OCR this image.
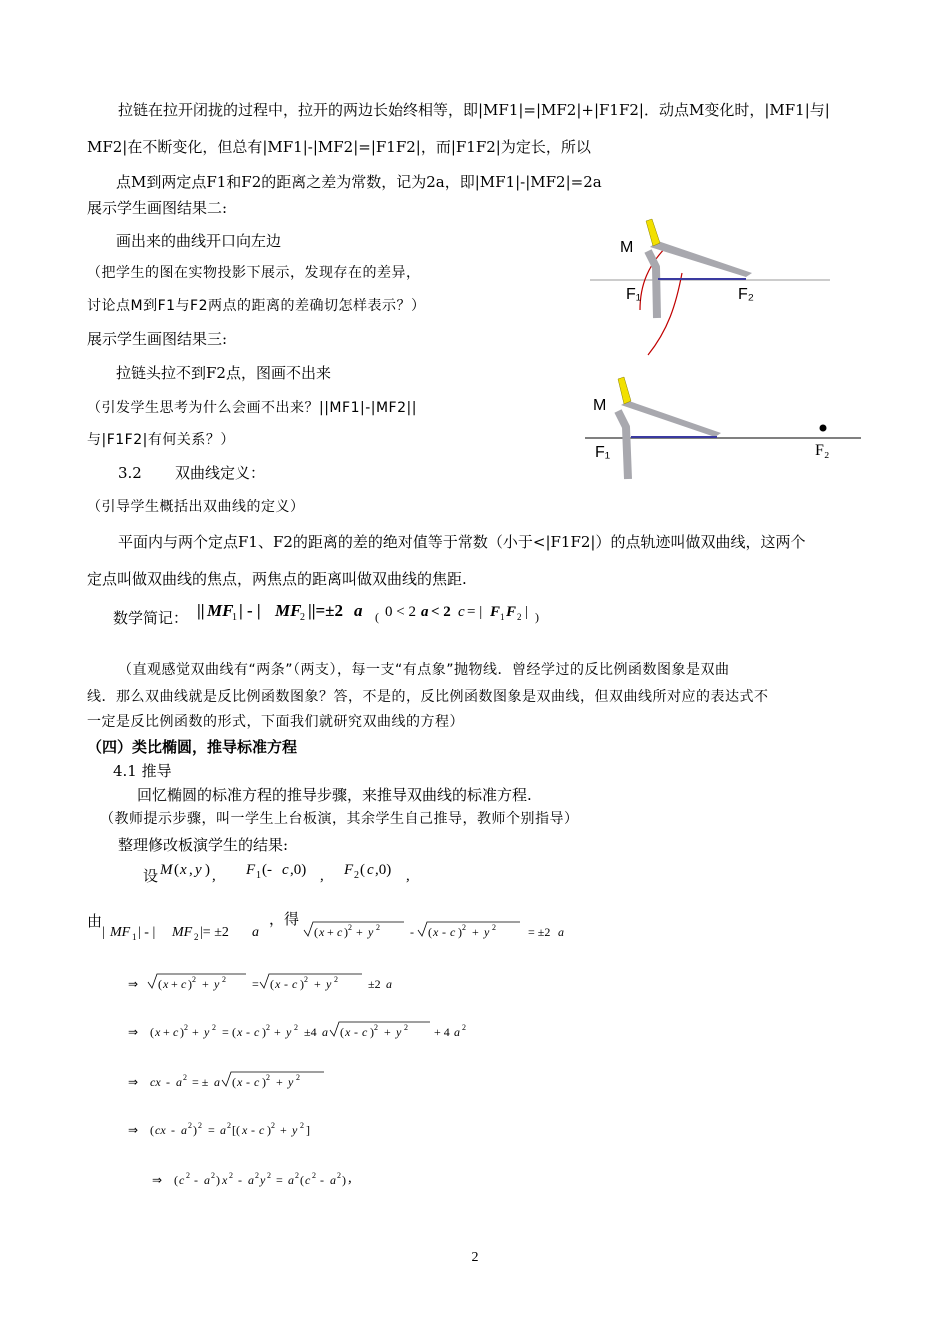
拉链在拉开闭拢的过程中，拉开的两边长始终相等，即|MF1|=|MF2|+|F1F2|．动点M变化时，|MF1|与|
MF2|在不断变化，但总有|MF1|-|MF2|=|F1F2|，而|F1F2|为定长，所以
点M到两定点F1和F2的距离之差为常数，记为2a，即|MF1|-|MF2|=2a
展示学生画图结果二:
画出来的曲线开口向左边
（把学生的图在实物投影下展示，发现存在的差异，
讨论点M到F1与F2两点的距离的差确切怎样表示？）
展示学生画图结果三:
拉链头拉不到F2点，图画不出来
（引发学生思考为什么会画不出来？||MF1|-|MF2||
与|F1F2|有何关系？）
3.2 双曲线定义：
（引导学生概括出双曲线的定义）
平面内与两个定点F1、F2的距离的差的绝对值等于常数（小于<|F1F2|）的点轨迹叫做双曲线，这两个
定点叫做双曲线的焦点，两焦点的距离叫做双曲线的焦距.
数学简记： || MF
1 | - | MF
2 ||=±2 a ( 0 < 2 a < 2 c = | F 1 F 2 | )
（直观感觉双曲线有“两条”（两支），每一支“有点象”抛物线．曾经学过的反比例函数图象是双曲
线．那么双曲线就是反比例函数图象？答，不是的，反比例函数图象是双曲线，但双曲线所对应的表达式不
一定是反比例函数的形式，下面我们就研究双曲线的方程）
（四）类比椭圆，推导标准方程
4.1 推导
回忆椭圆的标准方程的推导步骤，来推导双曲线的标准方程.
（教师提示步骤，叫一学生上台板演，其余学生自己推导，教师个别指导）
整理修改板演学生的结果:
设 M ( x , y ) , F 1 (- c ,0) , F 2 ( c ,0) ,
由
| MF 1 | - | MF 2 |= ±2 a
，得
( x + c ) 2 + y 2	- ( x - c ) 2 + y 2	= ±2 a
⇒ ( x + c ) 2 + y 2 = ( x - c ) 2 + y 2	±2 a
⇒ ( x + c ) 2 + y 2 = ( x - c ) 2 + y 2 ±4 a ( x - c ) 2 + y 2 + 4 a 2
⇒ cx - a 2 = ± a ( x - c ) 2 + y 2
⇒ ( cx - a 2 ) 2 = a 2 [( x - c ) 2 + y 2 ]
⇒ ( c 2 - a 2 ) x 2 - a 2 y 2 = a 2 ( c 2 - a 2 ) ,
M
F₁	F₂
M
F₁	F₂
2
